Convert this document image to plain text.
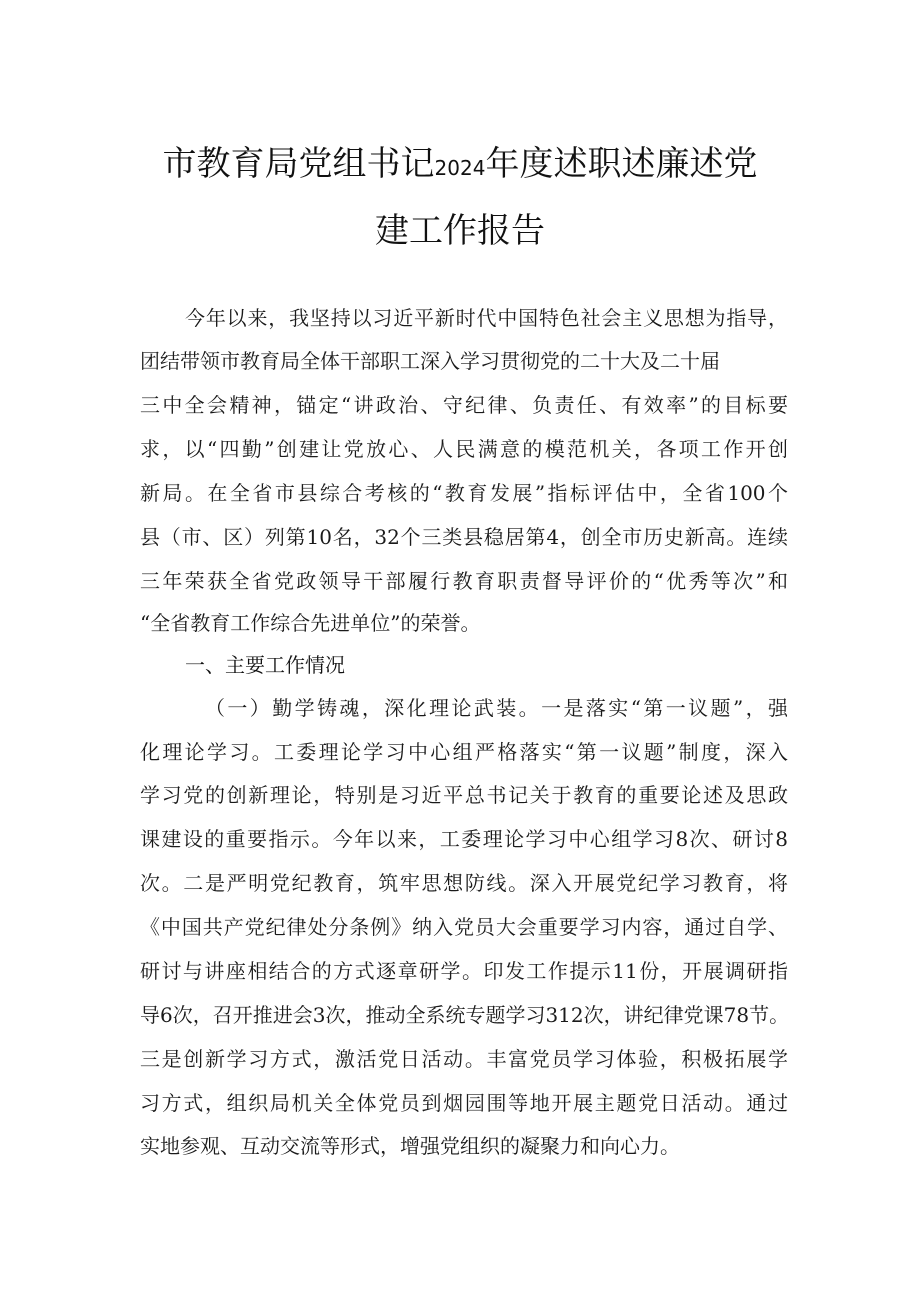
市教育局党组书记2024年度述职述廉述党
建工作报告
今年以来，我坚持以习近平新时代中国特色社会主义思想为指导，
团结带领市教育局全体干部职工深入学习贯彻党的二十大及二十届
三中全会精神，锚定“讲政治、守纪律、负责任、有效率”的目标要
求，以“四勤”创建让党放心、人民满意的模范机关，各项工作开创
新局。在全省市县综合考核的“教育发展”指标评估中，全省100个
县（市、区）列第10名，32个三类县稳居第4，创全市历史新高。连续
三年荣获全省党政领导干部履行教育职责督导评价的“优秀等次”和
“全省教育工作综合先进单位”的荣誉。
一、主要工作情况
（一）勤学铸魂，深化理论武装。一是落实“第一议题”，强
化理论学习。工委理论学习中心组严格落实“第一议题”制度，深入
学习党的创新理论，特别是习近平总书记关于教育的重要论述及思政
课建设的重要指示。今年以来，工委理论学习中心组学习8次、研讨8
次。二是严明党纪教育，筑牢思想防线。深入开展党纪学习教育，将
《中国共产党纪律处分条例》纳入党员大会重要学习内容，通过自学、
研讨与讲座相结合的方式逐章研学。印发工作提示11份，开展调研指
导6次，召开推进会3次，推动全系统专题学习312次，讲纪律党课78节。
三是创新学习方式，激活党日活动。丰富党员学习体验，积极拓展学
习方式，组织局机关全体党员到烟园围等地开展主题党日活动。通过
实地参观、互动交流等形式，增强党组织的凝聚力和向心力。
